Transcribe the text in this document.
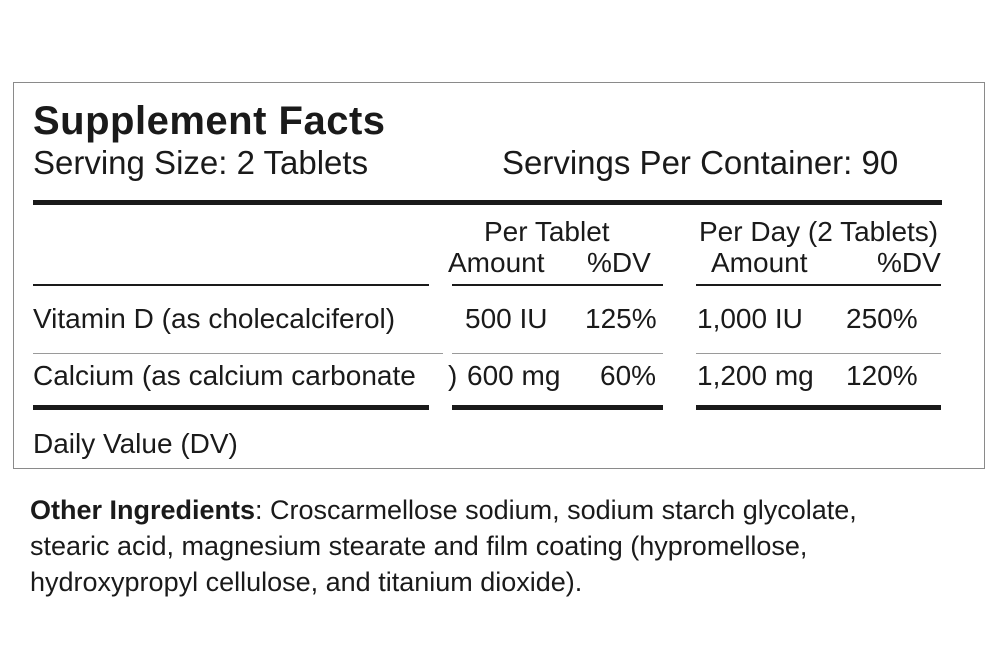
Supplement Facts
Serving Size: 2 Tablets	Servings Per Container: 90
Per Tablet	Per Day (2 Tablets)
Amount %DV Amount %DV
Vitamin D (as cholecalciferol) 500 IU 125% 1,000 IU 250%
Calcium (as calcium carbonate ) 600 mg 60% 1,200 mg 120%
Daily Value (DV)
Other Ingredients: Croscarmellose sodium, sodium starch glycolate, stearic acid, magnesium stearate and film coating (hypromellose, hydroxypropyl cellulose, and titanium dioxide).
